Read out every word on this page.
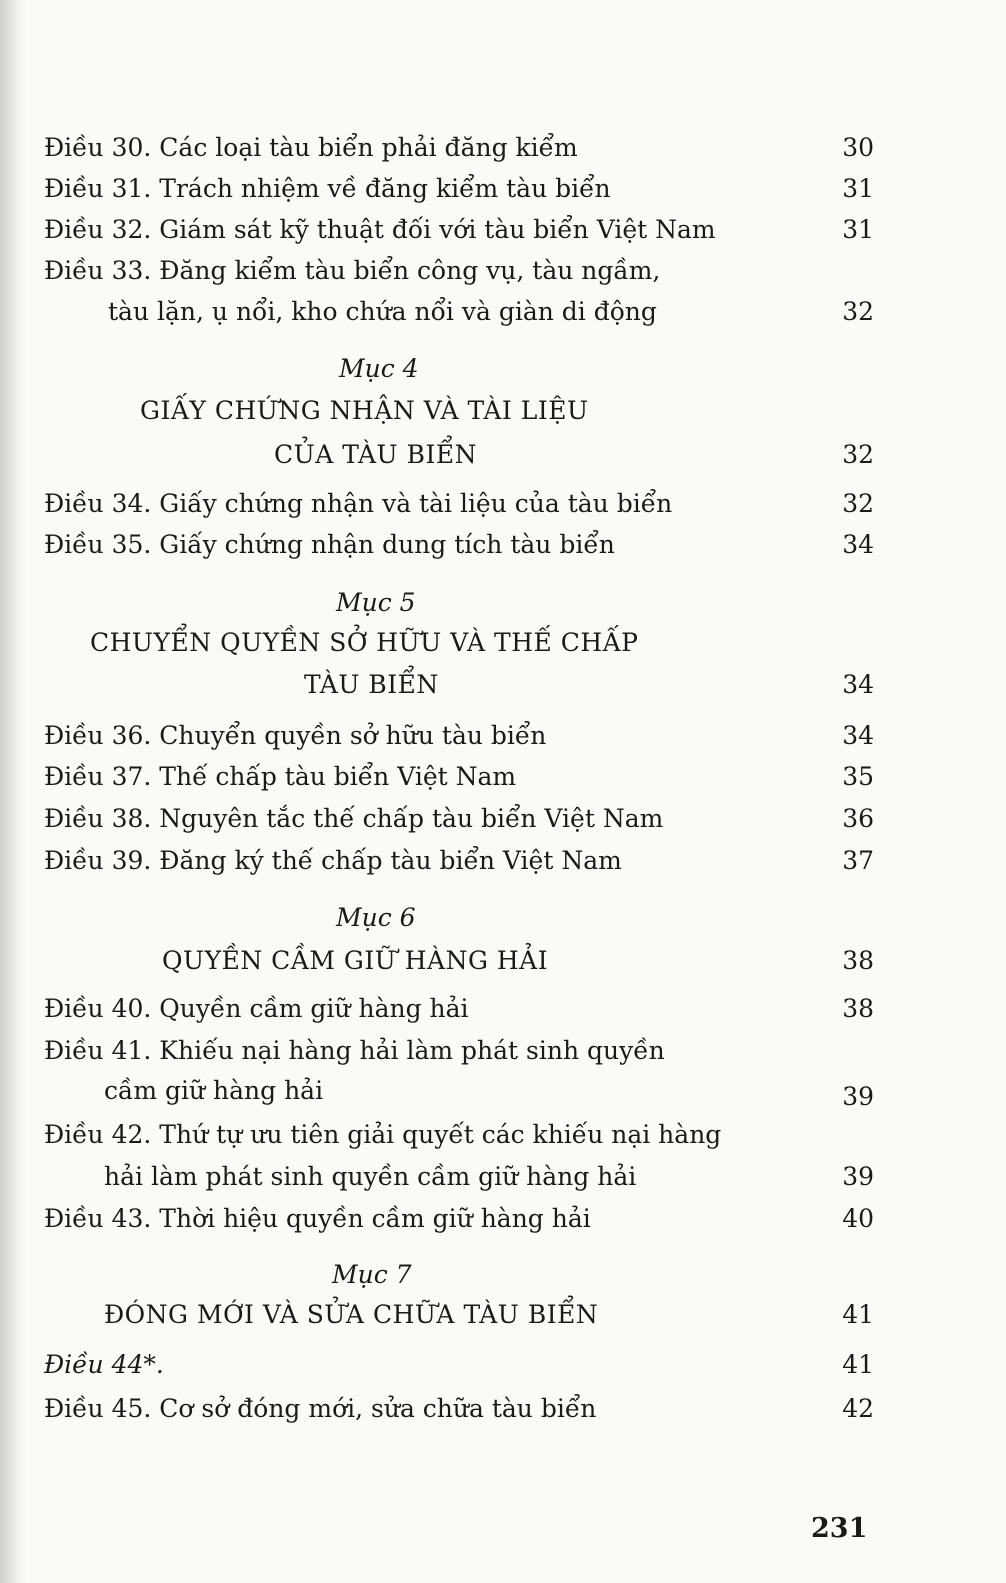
Điều 30. Các loại tàu biển phải đăng kiểm	30
Điều 31. Trách nhiệm về đăng kiểm tàu biển	31
Điều 32. Giám sát kỹ thuật đối với tàu biển Việt Nam	31
Điều 33. Đăng kiểm tàu biển công vụ, tàu ngầm,
tàu lặn, ụ nổi, kho chứa nổi và giàn di động	32
Mục 4
GIẤY CHỨNG NHẬN VÀ TÀI LIỆU
CỦA TÀU BIỂN	32
Điều 34. Giấy chứng nhận và tài liệu của tàu biển	32
Điều 35. Giấy chứng nhận dung tích tàu biển	34
Mục 5
CHUYỂN QUYỀN SỞ HỮU VÀ THẾ CHẤP
TÀU BIỂN	34
Điều 36. Chuyển quyền sở hữu tàu biển	34
Điều 37. Thế chấp tàu biển Việt Nam	35
Điều 38. Nguyên tắc thế chấp tàu biển Việt Nam	36
Điều 39. Đăng ký thế chấp tàu biển Việt Nam	37
Mục 6
QUYỀN CẦM GIỮ HÀNG HẢI	38
Điều 40. Quyền cầm giữ hàng hải	38
Điều 41. Khiếu nại hàng hải làm phát sinh quyền
cầm giữ hàng hải	39
Điều 42. Thứ tự ưu tiên giải quyết các khiếu nại hàng
hải làm phát sinh quyền cầm giữ hàng hải	39
Điều 43. Thời hiệu quyền cầm giữ hàng hải	40
Mục 7
ĐÓNG MỚI VÀ SỬA CHỮA TÀU BIỂN	41
Điều 44*.	41
Điều 45. Cơ sở đóng mới, sửa chữa tàu biển	42
231
